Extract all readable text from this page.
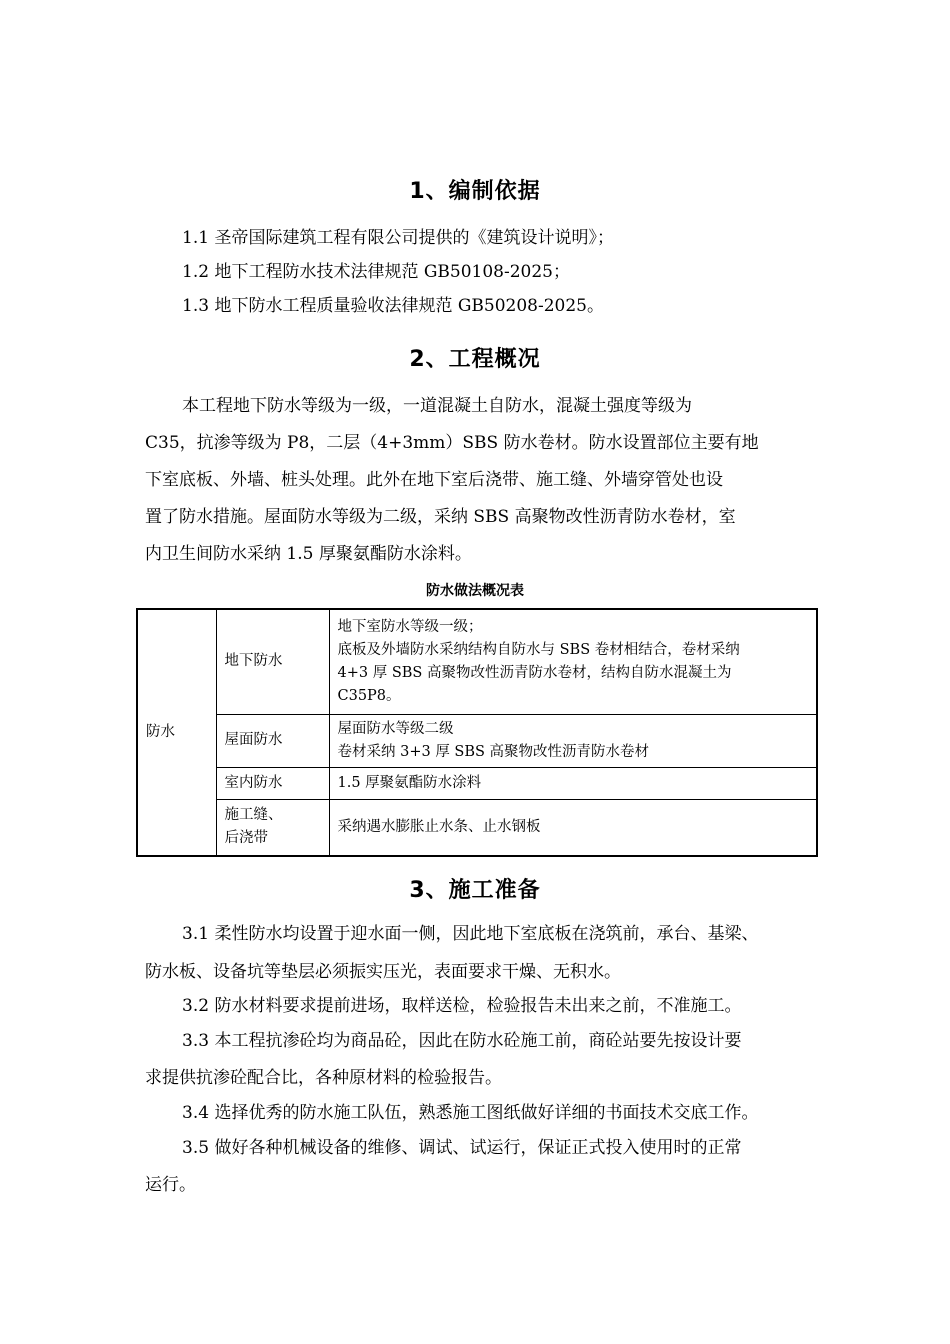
1、编制依据

1.1 圣帝国际建筑工程有限公司提供的《建筑设计说明》；

1.2 地下工程防水技术法律规范 GB50108-2025；

1.3 地下防水工程质量验收法律规范 GB50208-2025。

2、工程概况

本工程地下防水等级为一级，一道混凝土自防水，混凝土强度等级为

C35，抗渗等级为 P8，二层（4+3mm）SBS 防水卷材。防水设置部位主要有地

下室底板、外墙、桩头处理。此外在地下室后浇带、施工缝、外墙穿管处也设

置了防水措施。屋面防水等级为二级，采纳 SBS 高聚物改性沥青防水卷材，室

内卫生间防水采纳 1.5 厚聚氨酯防水涂料。

防水做法概况表

防水	地下防水	地下室防水等级一级；
底板及外墙防水采纳结构自防水与 SBS 卷材相结合，卷材采纳
4+3 厚 SBS 高聚物改性沥青防水卷材，结构自防水混凝土为
C35P8。

	屋面防水	屋面防水等级二级
卷材采纳 3+3 厚 SBS 高聚物改性沥青防水卷材

	室内防水	1.5 厚聚氨酯防水涂料

	施工缝、
后浇带	采纳遇水膨胀止水条、止水钢板
3、施工准备

3.1 柔性防水均设置于迎水面一侧，因此地下室底板在浇筑前，承台、基梁、

防水板、设备坑等垫层必须振实压光，表面要求干燥、无积水。

3.2 防水材料要求提前进场，取样送检，检验报告未出来之前，不准施工。

3.3 本工程抗渗砼均为商品砼，因此在防水砼施工前，商砼站要先按设计要

求提供抗渗砼配合比，各种原材料的检验报告。

3.4 选择优秀的防水施工队伍，熟悉施工图纸做好详细的书面技术交底工作。

3.5 做好各种机械设备的维修、调试、试运行，保证正式投入使用时的正常

运行。
